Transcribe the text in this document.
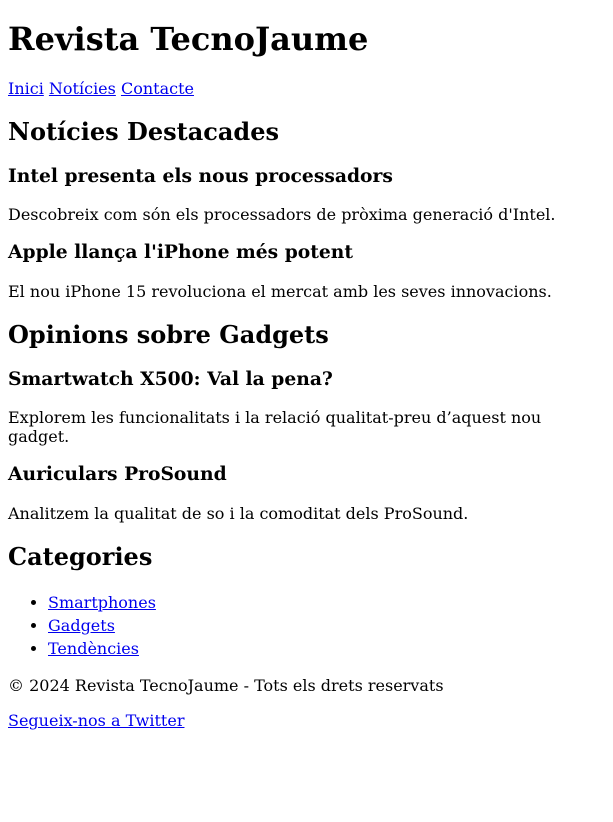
Revista TecnoJaume
Inici Notícies Contacte
Notícies Destacades
Intel presenta els nous processadors

Descobreix com són els processadors de pròxima generació d'Intel.

Apple llança l'iPhone més potent

El nou iPhone 15 revoluciona el mercat amb les seves innovacions.

Opinions sobre Gadgets
Smartwatch X500: Val la pena?

Explorem les funcionalitats i la relació qualitat-preu d’aquest nou gadget.

Auriculars ProSound

Analitzem la qualitat de so i la comoditat dels ProSound.

Categories
• Smartphones
• Gadgets
• Tendències

© 2024 Revista TecnoJaume - Tots els drets reservats

Segueix-nos a Twitter
